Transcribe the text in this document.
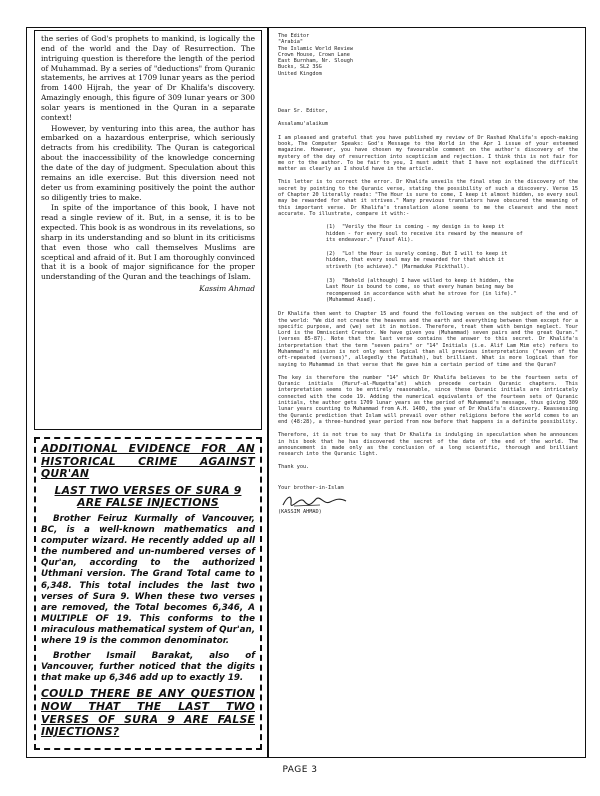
the series of God's prophets to mankind, is logically the end of the world and the Day of Resurrection. The intriguing question is therefore the length of the period of Muhammad. By a series of "deductions" from Quranic statements, he arrives at 1709 lunar years as the period from 1400 Hijrah, the year of Dr Khalifa's discovery. Amazingly enough, this figure of 309 lunar years or 300 solar years is mentioned in the Quran in a separate context!

However, by venturing into this area, the author has embarked on a hazardous enterprise, which seriously detracts from his credibility. The Quran is categorical about the inaccessibility of the knowledge concerning the date of the day of judgment. Speculation about this remains an idle exercise. But this diversion need not deter us from examining positively the point the author so diligently tries to make.

In spite of the importance of this book, I have not read a single review of it. But, in a sense, it is to be expected. This book is as wondrous in its revelations, so sharp in its understanding and so blunt in its criticisms that even those who call themselves Muslims are sceptical and afraid of it. But I am thoroughly convinced that it is a book of major significance for the proper understanding of the Quran and the teachings of Islam.

Kassim Ahmad

ADDITIONAL EVIDENCE FOR AN HISTORICAL CRIME AGAINST QUR'AN

LAST TWO VERSES OF SURA 9 ARE FALSE INJECTIONS

Brother Feiruz Kurmally of Vancouver, BC, is a well-known mathematics and computer wizard. He recently added up all the numbered and un-numbered verses of Qur'an, according to the authorized Uthmani version. The Grand Total came to 6,348. This total includes the last two verses of Sura 9. When these two verses are removed, the Total becomes 6,346, A MULTIPLE OF 19. This conforms to the miraculous mathematical system of Qur'an, where 19 is the common denominator.

Brother Ismail Barakat, also of Vancouver, further noticed that the digits that make up 6,346 add up to exactly 19.

COULD THERE BE ANY QUESTION NOW THAT THE LAST TWO VERSES OF SURA 9 ARE FALSE INJECTIONS?

The Editor
"Arabia"
The Islamic World Review
Crown House, Crown Lane
East Burnham, Nr. Slough
Bucks, SL2 3SG
United Kingdom

Dear Sr. Editor,

Assalamu'alaikum

I am pleased and grateful that you have published my review of Dr Rashad Khalifa's epoch-making book, The Computer Speaks: God's Message to the World in the Apr 1 issue of your esteemed magazine. However, you have chosen my favourable comment on the author's discovery of the mystery of the day of resurrection into scepticism and rejection. I think this is not fair for me or to the author. To be fair to you, I must admit that I have not explained the difficult matter as clearly as I should have in the article.

This letter is to correct the error. Dr Khalifa unveils the final step in the discovery of the secret by pointing to the Quranic verse, stating the possibility of such a discovery. Verse 15 of Chapter 20 literally reads: "The Hour is sure to come, I keep it almost hidden, so every soul may be rewarded for what it strives." Many previous translators have obscured the meaning of this important verse. Dr Khalifa's translation alone seems to me the clearest and the most accurate. To illustrate, compare it with:-

(1) "Verily the Hour is coming - my design is to keep it hidden - for every soul to receive its reward by the measure of its endeavour." (Yusuf Ali).
(2) "Lo! the Hour is surely coming. But I will to keep it hidden, that every soul may be rewarded for that which it striveth (to achieve)." (Marmaduke Pickthall).
(3) "Behold (although) I have willed to keep it hidden, the Last Hour is bound to come, so that every human being may be recompensed in accordance with what he strove for (in life)." (Muhammad Asad).

Dr Khalifa then went to Chapter 15 and found the following verses on the subject of the end of the world: "We did not create the heavens and the earth and everything between them except for a specific purpose, and (we) set it in motion. Therefore, treat them with benign neglect. Your Lord is the Omniscient Creator. We have given you (Muhammad) seven pairs and the great Quran." (verses 85-87). Note that the last verse contains the answer to this secret. Dr Khalifa's interpretation that the term "seven pairs" or "14" Initials (i.e. Alif Lam Mim etc) refers to Muhammad's mission is not only most logical than all previous interpretations ("seven of the oft-repeated (verses)", allegedly the Fatihah), but brilliant. What is more logical than for saying to Muhammad in that verse that He gave him a certain period of time and the Quran?

The key is therefore the number "14" which Dr Khalifa believes to be the fourteen sets of Quranic initials (Huruf-al-Muqatta'at) which precede certain Quranic chapters. This interpretation seems to be entirely reasonable, since these Quranic initials are intricately connected with the code 19. Adding the numerical equivalents of the fourteen sets of Quranic initials, the author gets 1709 lunar years as the period of Muhammad's message, thus giving 309 lunar years counting to Muhammad from A.H. 1400, the year of Dr Khalifa's discovery. Reassessing the Quranic prediction that Islam will prevail over other religions before the world comes to an end (48:28), a three-hundred year period from now before that happens is a definite possibility.

Therefore, it is not true to say that Dr Khalifa is indulging in speculation when he announces in his book that he has discovered the secret of the date of the end of the world. The announcement is made only as the conclusion of a long scientific, thorough and brilliant research into the Quranic light.

Thank you.

Your brother-in-Islam

(KASSIM AHMAD)

PAGE 3
